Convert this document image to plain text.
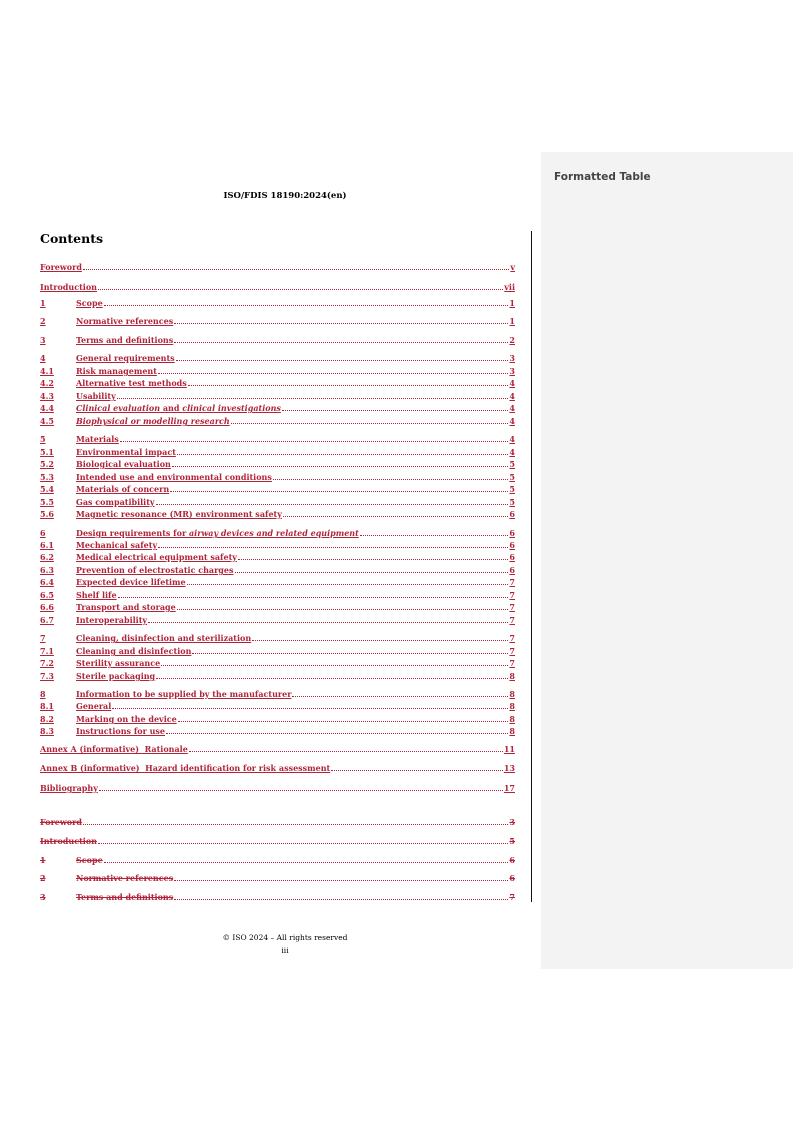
Formatted Table
ISO/FDIS 18190:2024(en)
Contents
Foreword	v
Introduction	vii
1	Scope	1
2	Normative references	1
3	Terms and definitions	2
4	General requirements	3
4.1	Risk management	3
4.2	Alternative test methods	4
4.3	Usability	4
4.4	Clinical evaluation and clinical investigations	4
4.5	Biophysical or modelling research	4
5	Materials	4
5.1	Environmental impact	4
5.2	Biological evaluation	5
5.3	Intended use and environmental conditions	5
5.4	Materials of concern	5
5.5	Gas compatibility	5
5.6	Magnetic resonance (MR) environment safety	6
6	Design requirements for airway devices and related equipment	6
6.1	Mechanical safety	6
6.2	Medical electrical equipment safety	6
6.3	Prevention of electrostatic charges	6
6.4	Expected device lifetime	7
6.5	Shelf life	7
6.6	Transport and storage	7
6.7	Interoperability	7
7	Cleaning, disinfection and sterilization	7
7.1	Cleaning and disinfection	7
7.2	Sterility assurance	7
7.3	Sterile packaging	8
8	Information to be supplied by the manufacturer	8
8.1	General	8
8.2	Marking on the device	8
8.3	Instructions for use	8
Annex A (informative)  Rationale	11
Annex B (informative)  Hazard identification for risk assessment	13
Bibliography	17
Foreword	3
Introduction	5
1	Scope	6
2	Normative references	6
3	Terms and definitions	7
© ISO 2024 – All rights reserved
iii
